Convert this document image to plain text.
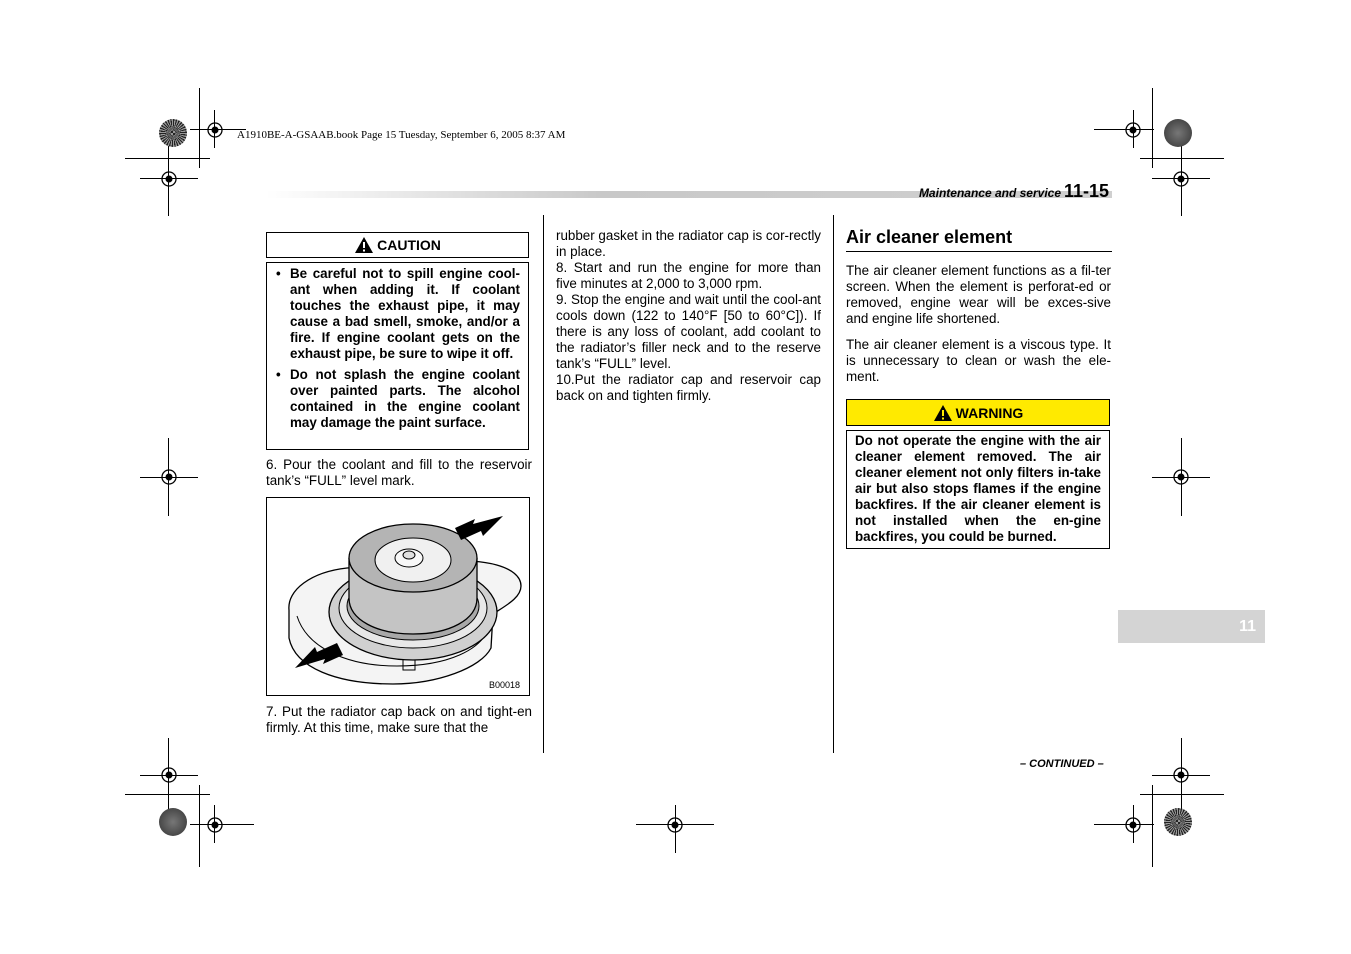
A1910BE-A-GSAAB.book Page 15 Tuesday, September 6, 2005 8:37 AM
Maintenance and service 11-15
CAUTION
• Be careful not to spill engine cool-ant when adding it. If coolant touches the exhaust pipe, it may cause a bad smell, smoke, and/or a fire. If engine coolant gets on the exhaust pipe, be sure to wipe it off.
• Do not splash the engine coolant over painted parts. The alcohol contained in the engine coolant may damage the paint surface.
6. Pour the coolant and fill to the reservoir tank’s “FULL” level mark.
B00018
7. Put the radiator cap back on and tight-en firmly. At this time, make sure that the
rubber gasket in the radiator cap is cor-rectly in place.
8. Start and run the engine for more than five minutes at 2,000 to 3,000 rpm.
9. Stop the engine and wait until the cool-ant cools down (122 to 140°F [50 to 60°C]). If there is any loss of coolant, add coolant to the radiator’s filler neck and to the reserve tank’s “FULL” level.
10.Put the radiator cap and reservoir cap back on and tighten firmly.
Air cleaner element
The air cleaner element functions as a fil-ter screen. When the element is perforat-ed or removed, engine wear will be exces-sive and engine life shortened.
The air cleaner element is a viscous type. It is unnecessary to clean or wash the ele-ment.
WARNING
Do not operate the engine with the air cleaner element removed. The air cleaner element not only filters in-take air but also stops flames if the engine backfires. If the air cleaner element is not installed when the en-gine backfires, you could be burned.
11
– CONTINUED –
